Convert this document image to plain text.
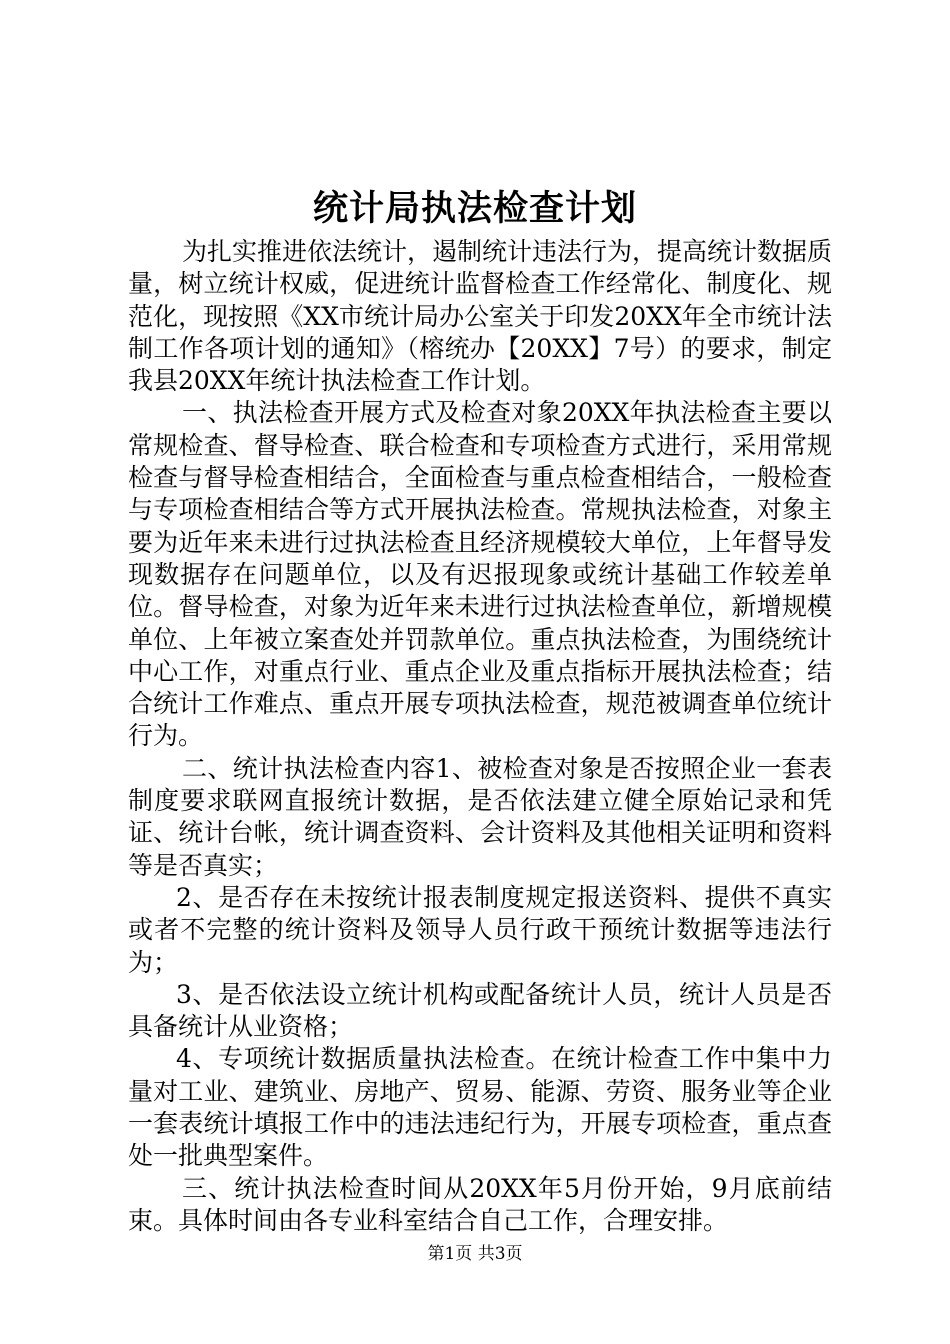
统计局执法检查计划

为扎实推进依法统计，遏制统计违法行为，提高统计数据质量，树立统计权威，促进统计监督检查工作经常化、制度化、规范化，现按照《XX市统计局办公室关于印发20XX年全市统计法制工作各项计划的通知》（榕统办【20XX】7号）的要求，制定我县20XX年统计执法检查工作计划。

一、执法检查开展方式及检查对象20XX年执法检查主要以常规检查、督导检查、联合检查和专项检查方式进行，采用常规检查与督导检查相结合，全面检查与重点检查相结合，一般检查与专项检查相结合等方式开展执法检查。常规执法检查，对象主要为近年来未进行过执法检查且经济规模较大单位，上年督导发现数据存在问题单位，以及有迟报现象或统计基础工作较差单位。督导检查，对象为近年来未进行过执法检查单位，新增规模单位、上年被立案查处并罚款单位。重点执法检查，为围绕统计中心工作，对重点行业、重点企业及重点指标开展执法检查；结合统计工作难点、重点开展专项执法检查，规范被调查单位统计行为。

二、统计执法检查内容1、被检查对象是否按照企业一套表制度要求联网直报统计数据，是否依法建立健全原始记录和凭证、统计台帐，统计调查资料、会计资料及其他相关证明和资料等是否真实；

2、是否存在未按统计报表制度规定报送资料、提供不真实或者不完整的统计资料及领导人员行政干预统计数据等违法行为；

3、是否依法设立统计机构或配备统计人员，统计人员是否具备统计从业资格；

4、专项统计数据质量执法检查。在统计检查工作中集中力量对工业、建筑业、房地产、贸易、能源、劳资、服务业等企业一套表统计填报工作中的违法违纪行为，开展专项检查，重点查处一批典型案件。

三、统计执法检查时间从20XX年5月份开始，9月底前结束。具体时间由各专业科室结合自己工作，合理安排。

第1页 共3页
